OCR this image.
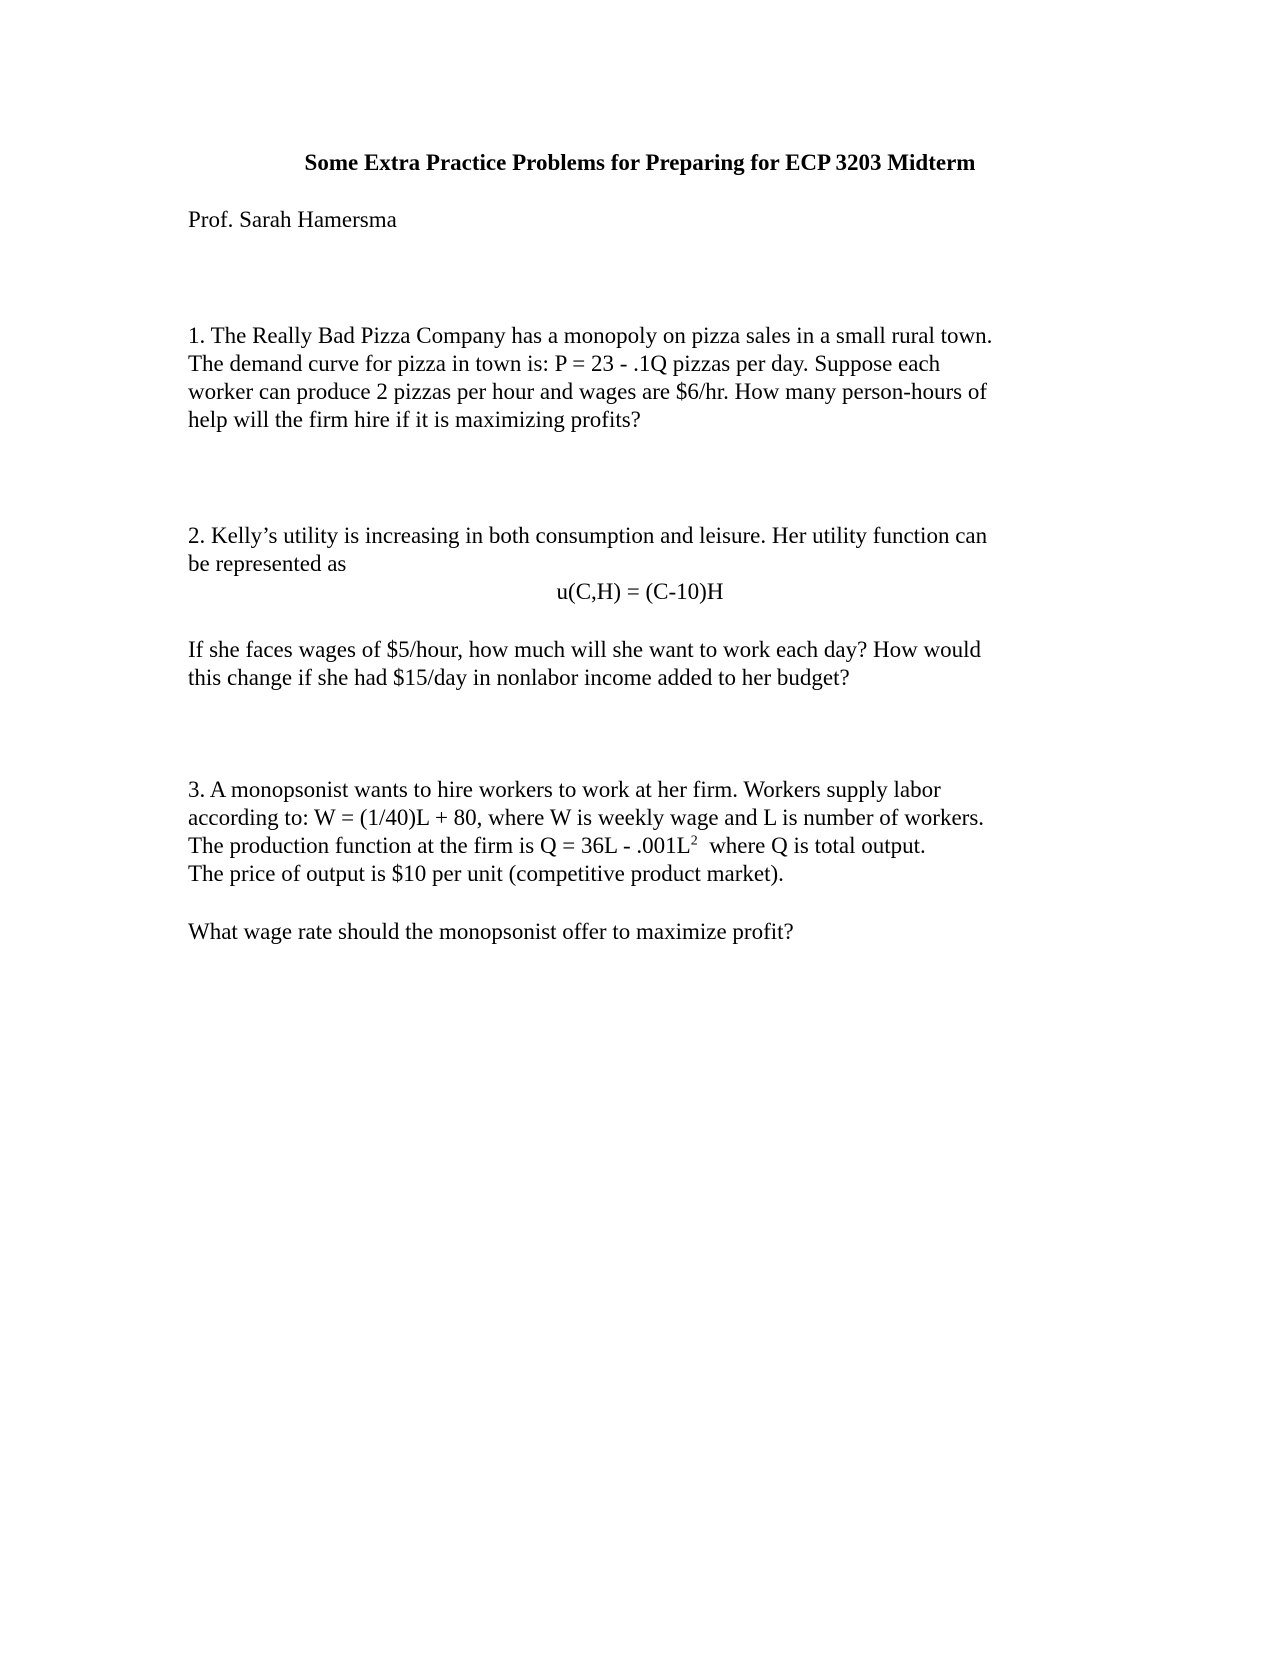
Some Extra Practice Problems for Preparing for ECP 3203 Midterm

Prof. Sarah Hamersma

1. The Really Bad Pizza Company has a monopoly on pizza sales in a small rural town.

The demand curve for pizza in town is: P = 23 - .1Q pizzas per day. Suppose each

worker can produce 2 pizzas per hour and wages are $6/hr. How many person-hours of

help will the firm hire if it is maximizing profits?

2. Kelly’s utility is increasing in both consumption and leisure. Her utility function can

be represented as

u(C,H) = (C-10)H

If she faces wages of $5/hour, how much will she want to work each day? How would

this change if she had $15/day in nonlabor income added to her budget?

3. A monopsonist wants to hire workers to work at her firm. Workers supply labor

according to: W = (1/40)L + 80, where W is weekly wage and L is number of workers.

The production function at the firm is $Q = 36L - .001L^2$  where Q is total output.

The price of output is $10 per unit (competitive product market).

What wage rate should the monopsonist offer to maximize profit?
